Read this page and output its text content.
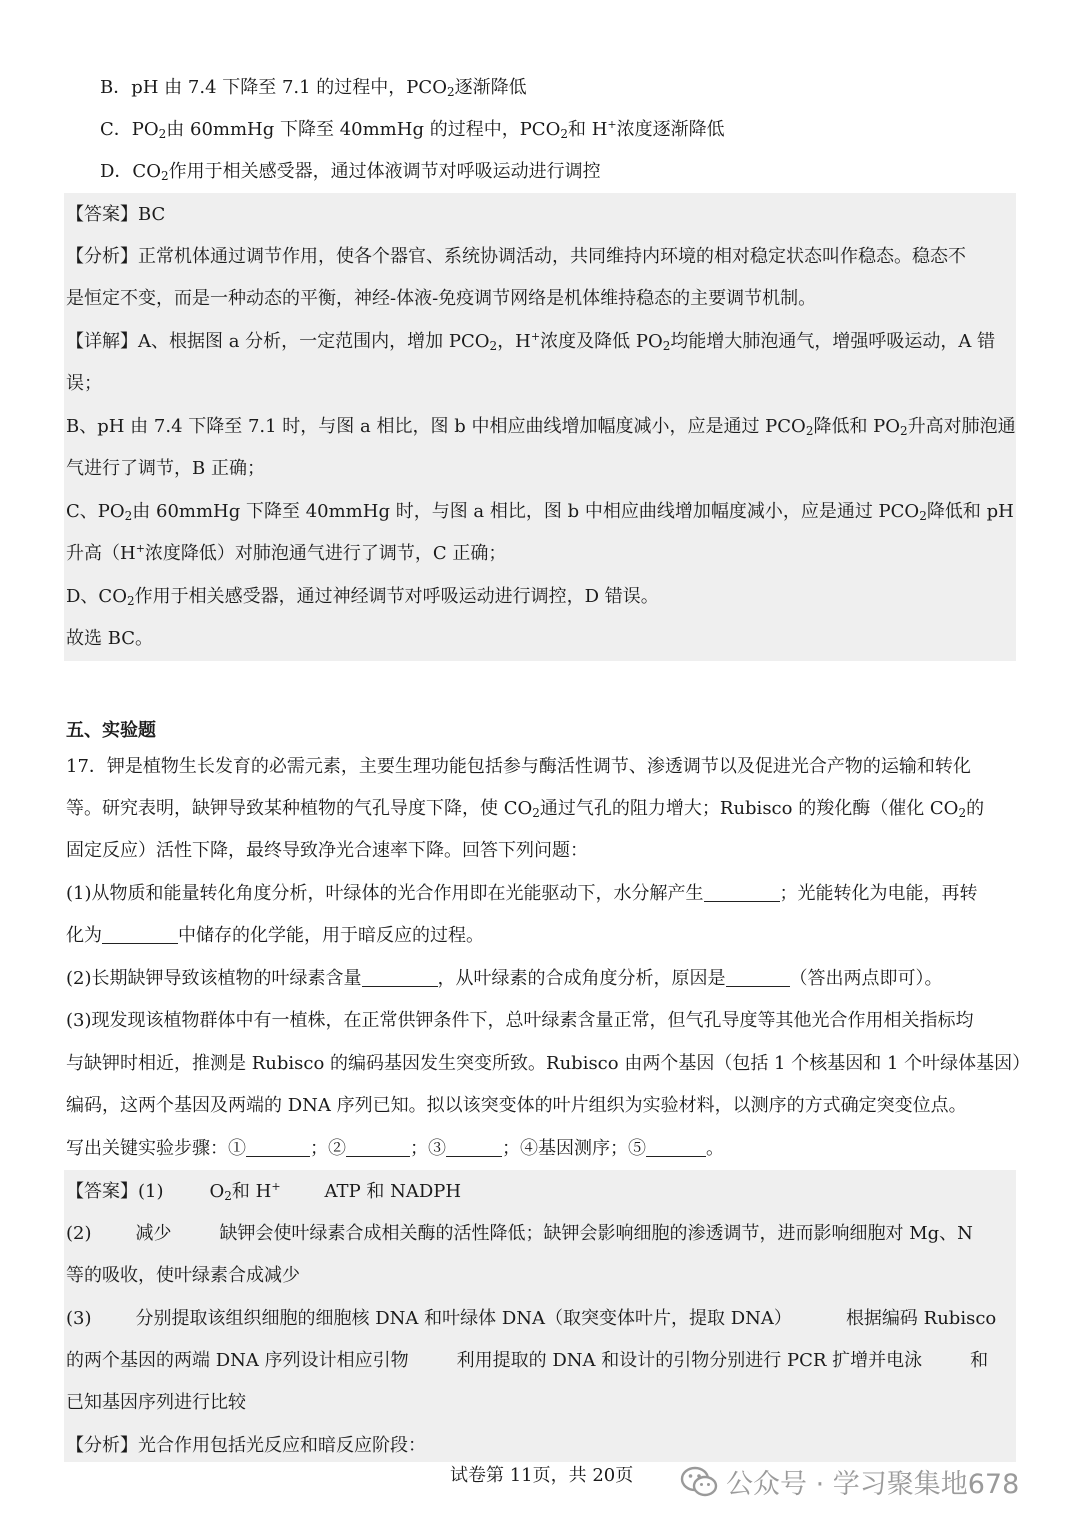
B．pH 由 7.4 下降至 7.1 的过程中，$PCO_2$逐渐降低
C．$PO_2$由 60mmHg 下降至 40mmHg 的过程中，$PCO_2$和 H+浓度逐渐降低
D．$CO_2$作用于相关感受器，通过体液调节对呼吸运动进行调控
【答案】BC
【分析】正常机体通过调节作用，使各个器官、系统协调活动，共同维持内环境的相对稳定状态叫作稳态。稳态不
是恒定不变，而是一种动态的平衡，神经-体液-免疫调节网络是机体维持稳态的主要调节机制。
【详解】A、根据图 a 分析，一定范围内，增加 $PCO_2$，H+浓度及降低 $PO_2$均能增大肺泡通气，增强呼吸运动，A 错
误；
B、pH 由 7.4 下降至 7.1 时，与图 a 相比，图 b 中相应曲线增加幅度减小，应是通过 $PCO_2$降低和 $PO_2$升高对肺泡通
气进行了调节，B 正确；
C、$PO_2$由 60mmHg 下降至 40mmHg 时，与图 a 相比，图 b 中相应曲线增加幅度减小，应是通过 $PCO_2$降低和 pH
升高（H+浓度降低）对肺泡通气进行了调节，C 正确；
D、$CO_2$作用于相关感受器，通过神经调节对呼吸运动进行调控，D 错误。
故选 BC。
五、实验题
17．钾是植物生长发育的必需元素，主要生理功能包括参与酶活性调节、渗透调节以及促进光合产物的运输和转化
等。研究表明，缺钾导致某种植物的气孔导度下降，使 $CO_2$通过气孔的阻力增大；Rubisco 的羧化酶（催化 $CO_2$的
固定反应）活性下降，最终导致净光合速率下降。回答下列问题：
(1)从物质和能量转化角度分析，叶绿体的光合作用即在光能驱动下，水分解产生	；光能转化为电能，再转
化为	中储存的化学能，用于暗反应的过程。
(2)长期缺钾导致该植物的叶绿素含量	，从叶绿素的合成角度分析，原因是	（答出两点即可）。
(3)现发现该植物群体中有一植株，在正常供钾条件下，总叶绿素含量正常，但气孔导度等其他光合作用相关指标均
与缺钾时相近，推测是 Rubisco 的编码基因发生突变所致。Rubisco 由两个基因（包括 1 个核基因和 1 个叶绿体基因）
编码，这两个基因及两端的 DNA 序列已知。拟以该突变体的叶片组织为实验材料，以测序的方式确定突变位点。
写出关键实验步骤：①	；②	；③	；④基因测序；⑤	。
【答案】(1)	$O_2$和 H+ ATP 和 NADPH
(2) 减少	缺钾会使叶绿素合成相关酶的活性降低；缺钾会影响细胞的渗透调节，进而影响细胞对 Mg、N
等的吸收，使叶绿素合成减少
(3) 分别提取该组织细胞的细胞核 DNA 和叶绿体 DNA（取突变体叶片，提取 DNA）	根据编码 Rubisco
的两个基因的两端 DNA 序列设计相应引物	利用提取的 DNA 和设计的引物分别进行 PCR 扩增并电泳	和
已知基因序列进行比较
【分析】光合作用包括光反应和暗反应阶段：
试卷第 11页，共 20页	公众号 · 学习聚集地678
